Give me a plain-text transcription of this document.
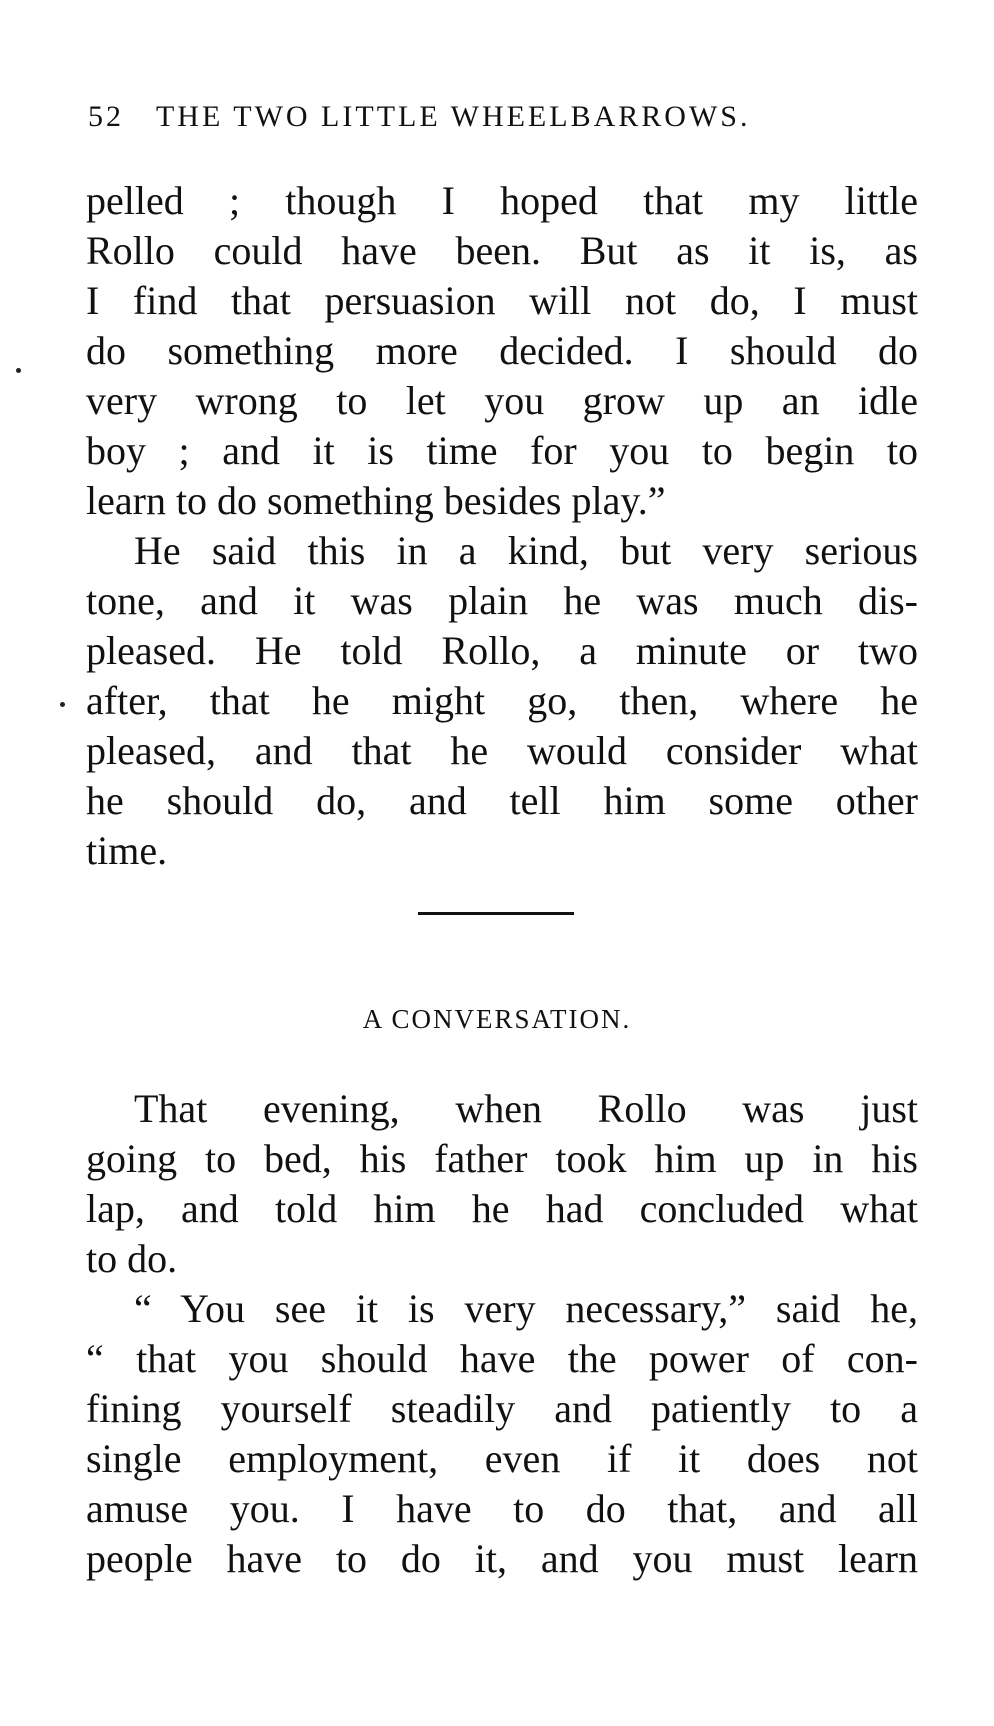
52 THE TWO LITTLE WHEELBARROWS.
pelled ; though I hoped that my little
Rollo could have been. But as it is, as
I find that persuasion will not do, I must
do something more decided. I should do
very wrong to let you grow up an idle
boy ; and it is time for you to begin to
learn to do something besides play.”
He said this in a kind, but very serious
tone, and it was plain he was much dis-
pleased. He told Rollo, a minute or two
after, that he might go, then, where he
pleased, and that he would consider what
he should do, and tell him some other
time.
A CONVERSATION.
That evening, when Rollo was just
going to bed, his father took him up in his
lap, and told him he had concluded what
to do.
“ You see it is very necessary,” said he,
“ that you should have the power of con-
fining yourself steadily and patiently to a
single employment, even if it does not
amuse you. I have to do that, and all
people have to do it, and you must learn
